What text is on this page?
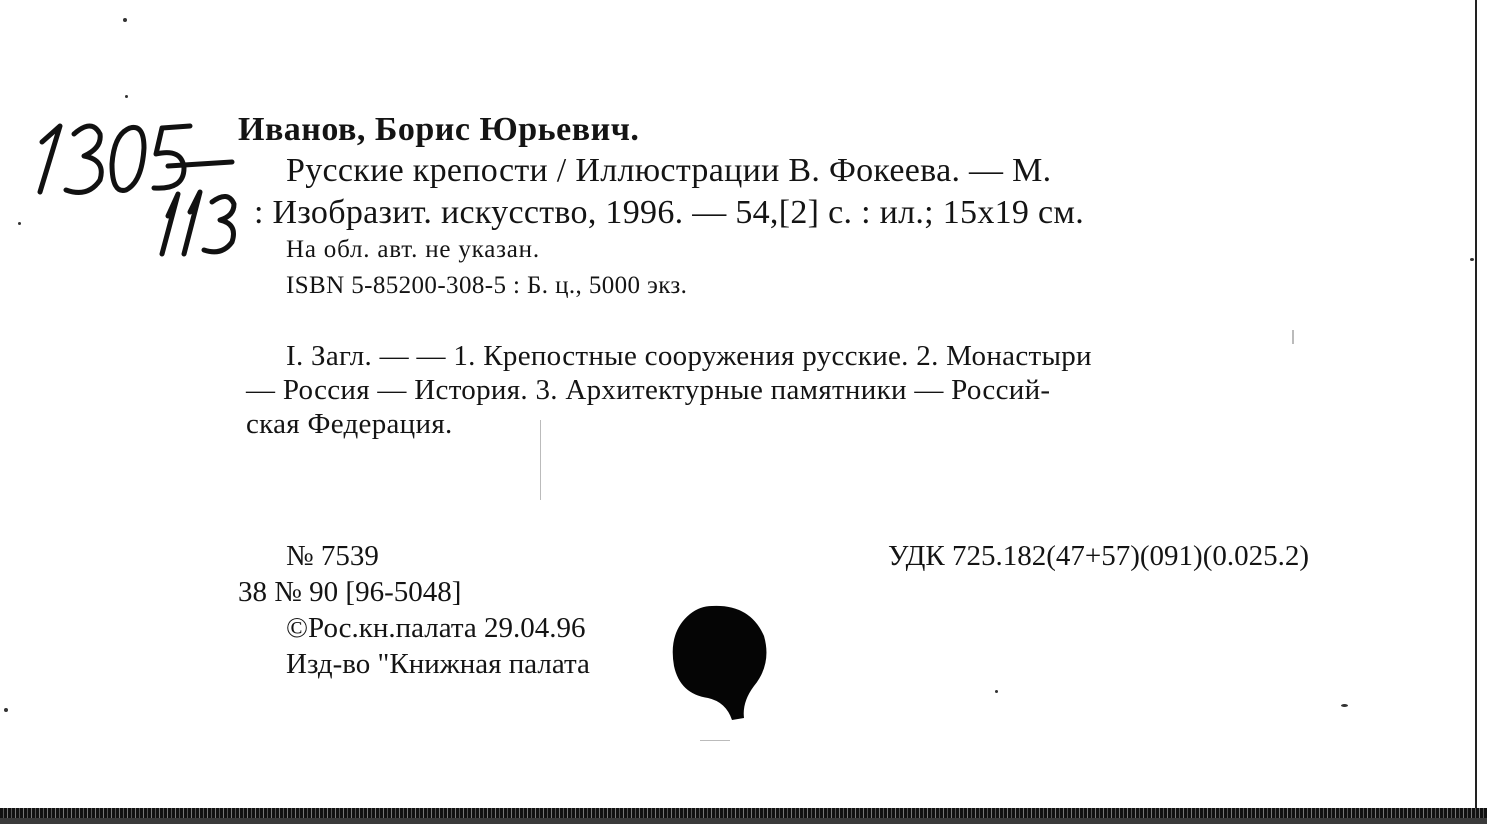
Иванов, Борис Юрьевич.
Русские крепости / Иллюстрации В. Фокеева. — М.
: Изобразит. искусство, 1996. — 54,[2] с. : ил.; 15x19 см.
На обл. авт. не указан.
ISBN 5-85200-308-5 : Б. ц., 5000 экз.
I. Загл. — — 1. Крепостные сооружения русские. 2. Монастыри
— Россия — История. 3. Архитектурные памятники — Россий-
ская Федерация.
№ 7539	УДК 725.182(47+57)(091)(0.025.2)
38 № 90 [96-5048]
©Рос.кн.палата 29.04.96
Изд-во "Книжная палата
